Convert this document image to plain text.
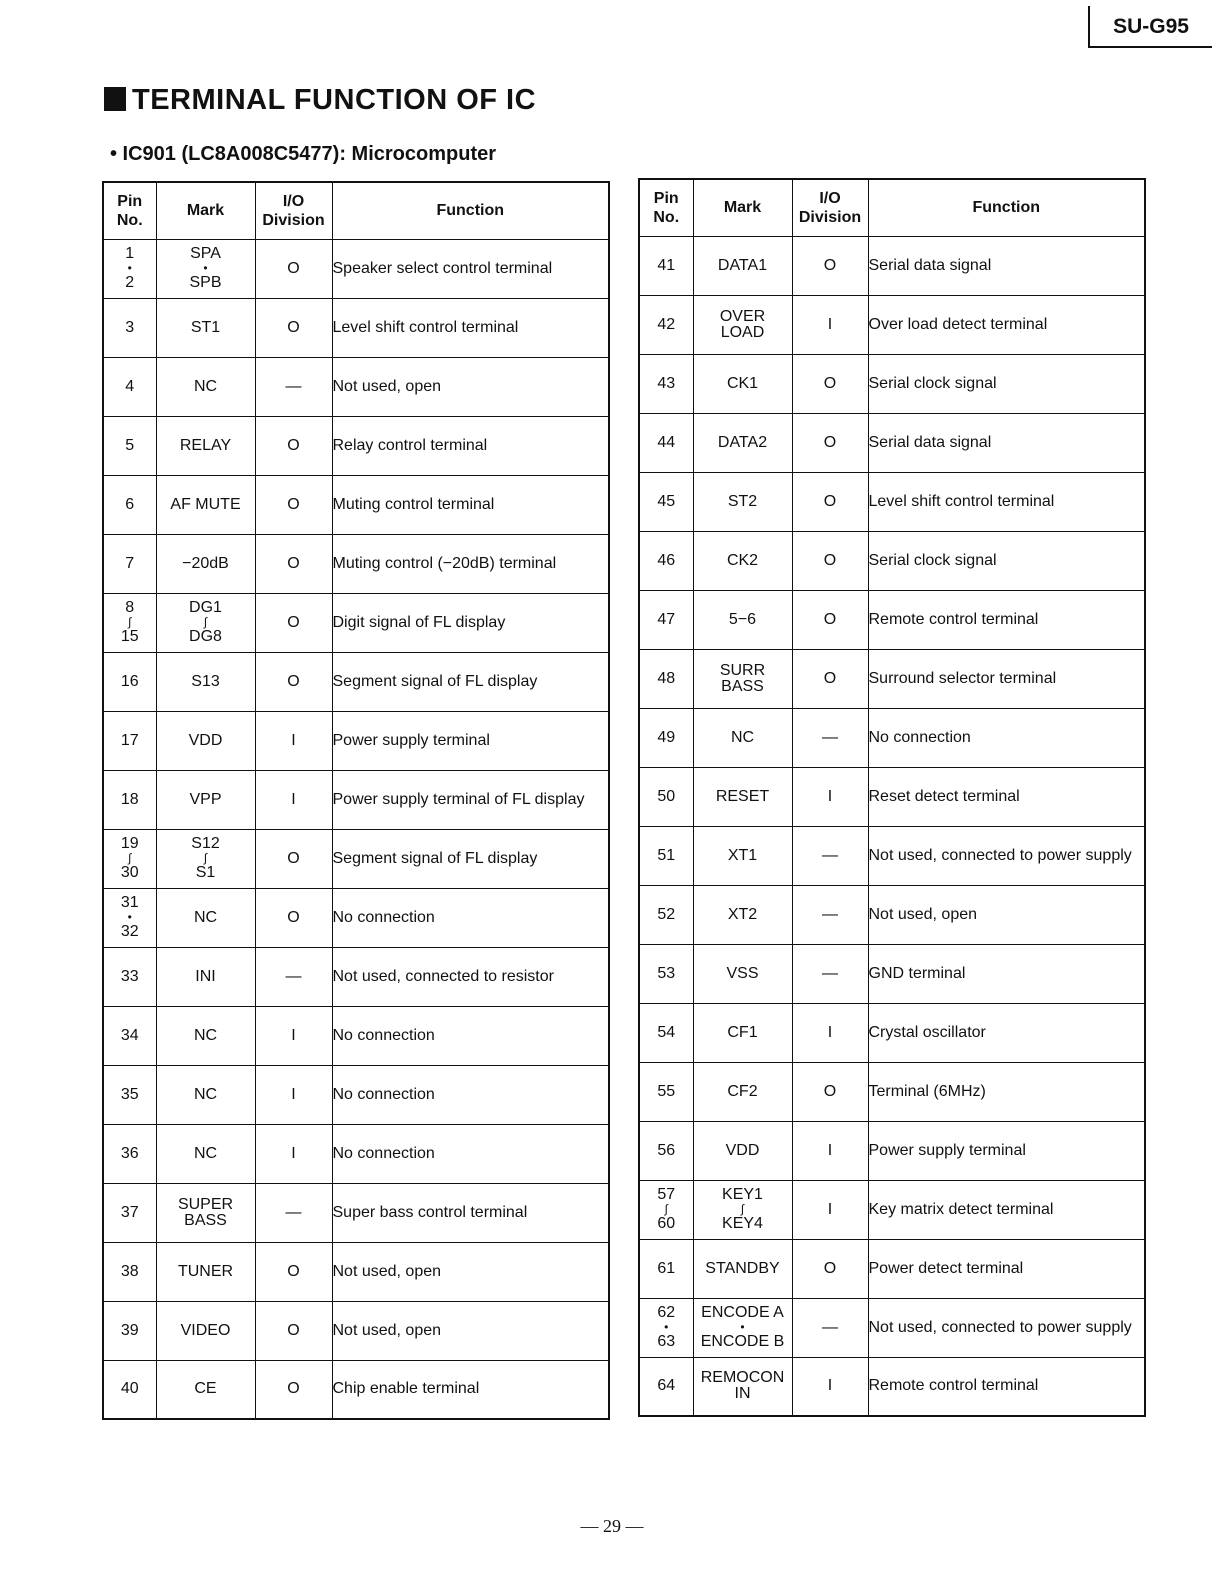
SU-G95
TERMINAL FUNCTION OF IC
• IC901 (LC8A008C5477): Microcomputer
Pin
No.	Mark	I/O
Division	Function

1
•
2	SPA
•
SPB	O	Speaker select control terminal

3	ST1	O	Level shift control terminal

4	NC	—	Not used, open

5	RELAY	O	Relay control terminal

6	AF MUTE	O	Muting control terminal

7	−20dB	O	Muting control (−20dB) terminal

8
∫
15	DG1
∫
DG8	O	Digit signal of FL display

16	S13	O	Segment signal of FL display

17	VDD	I	Power supply terminal

18	VPP	I	Power supply terminal of FL display

19
∫
30	S12
∫
S1	O	Segment signal of FL display

31
•
32	NC	O	No connection

33	INI	—	Not used, connected to resistor

34	NC	I	No connection

35	NC	I	No connection

36	NC	I	No connection

37	SUPER
BASS	—	Super bass control terminal

38	TUNER	O	Not used, open

39	VIDEO	O	Not used, open

40	CE	O	Chip enable terminal
Pin
No.	Mark	I/O
Division	Function

41	DATA1	O	Serial data signal

42	OVER
LOAD	I	Over load detect terminal

43	CK1	O	Serial clock signal

44	DATA2	O	Serial data signal

45	ST2	O	Level shift control terminal

46	CK2	O	Serial clock signal

47	5−6	O	Remote control terminal

48	SURR
BASS	O	Surround selector terminal

49	NC	—	No connection

50	RESET	I	Reset detect terminal

51	XT1	—	Not used, connected to power supply

52	XT2	—	Not used, open

53	VSS	—	GND terminal

54	CF1	I	Crystal oscillator

55	CF2	O	Terminal (6MHz)

56	VDD	I	Power supply terminal

57
∫
60	KEY1
∫
KEY4	I	Key matrix detect terminal

61	STANDBY	O	Power detect terminal

62
•
63	ENCODE A
•
ENCODE B	—	Not used, connected to power supply

64	REMOCON
IN	I	Remote control terminal
— 29 —
